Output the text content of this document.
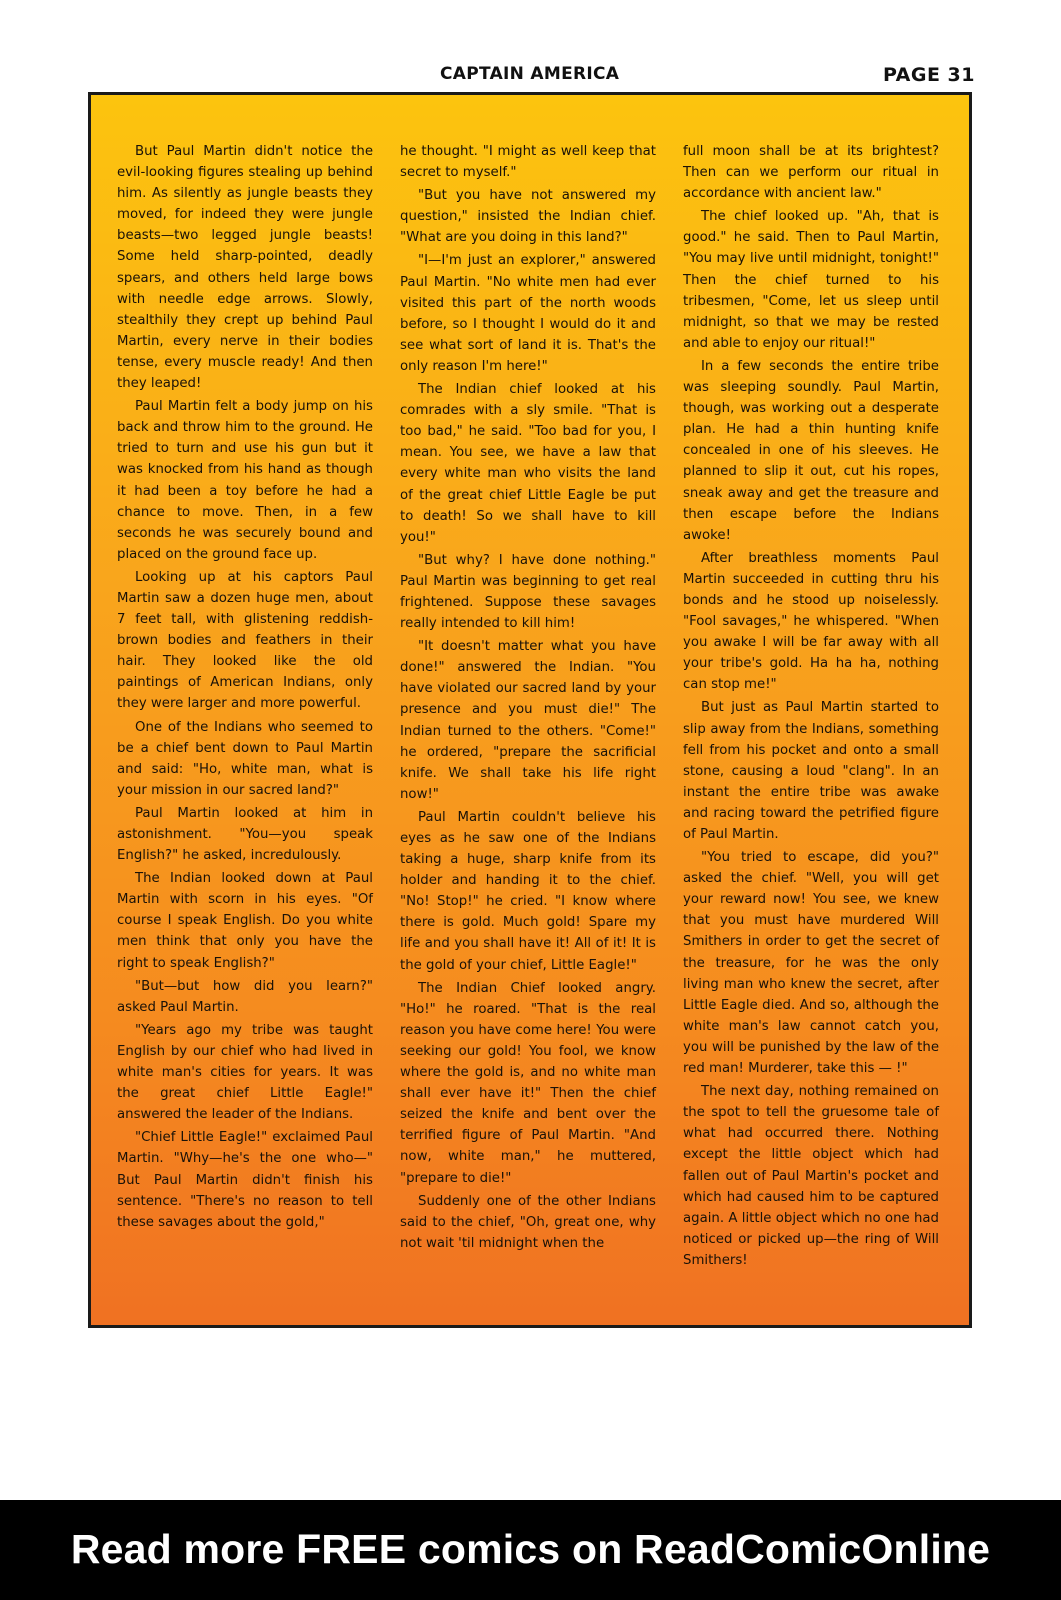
CAPTAIN AMERICA	PAGE 31

But Paul Martin didn't notice the evil-looking figures stealing up behind him. As silently as jungle beasts they moved, for indeed they were jungle beasts—two legged jungle beasts! Some held sharp-pointed, deadly spears, and others held large bows with needle edge arrows. Slowly, stealthily they crept up behind Paul Martin, every nerve in their bodies tense, every muscle ready! And then they leaped!

Paul Martin felt a body jump on his back and throw him to the ground. He tried to turn and use his gun but it was knocked from his hand as though it had been a toy before he had a chance to move. Then, in a few seconds he was securely bound and placed on the ground face up.

Looking up at his captors Paul Martin saw a dozen huge men, about 7 feet tall, with glistening reddish-brown bodies and feathers in their hair. They looked like the old paintings of American Indians, only they were larger and more powerful.

One of the Indians who seemed to be a chief bent down to Paul Martin and said: "Ho, white man, what is your mission in our sacred land?"

Paul Martin looked at him in astonishment. "You—you speak English?" he asked, incredulously.

The Indian looked down at Paul Martin with scorn in his eyes. "Of course I speak English. Do you white men think that only you have the right to speak English?"

"But—but how did you learn?" asked Paul Martin.

"Years ago my tribe was taught English by our chief who had lived in white man's cities for years. It was the great chief Little Eagle!" answered the leader of the Indians.

"Chief Little Eagle!" exclaimed Paul Martin. "Why—he's the one who—" But Paul Martin didn't finish his sentence. "There's no reason to tell these savages about the gold,"

he thought. "I might as well keep that secret to myself."

"But you have not answered my question," insisted the Indian chief. "What are you doing in this land?"

"I—I'm just an explorer," answered Paul Martin. "No white men had ever visited this part of the north woods before, so I thought I would do it and see what sort of land it is. That's the only reason I'm here!"

The Indian chief looked at his comrades with a sly smile. "That is too bad," he said. "Too bad for you, I mean. You see, we have a law that every white man who visits the land of the great chief Little Eagle be put to death! So we shall have to kill you!"

"But why? I have done nothing." Paul Martin was beginning to get real frightened. Suppose these savages really intended to kill him!

"It doesn't matter what you have done!" answered the Indian. "You have violated our sacred land by your presence and you must die!" The Indian turned to the others. "Come!" he ordered, "prepare the sacrificial knife. We shall take his life right now!"

Paul Martin couldn't believe his eyes as he saw one of the Indians taking a huge, sharp knife from its holder and handing it to the chief. "No! Stop!" he cried. "I know where there is gold. Much gold! Spare my life and you shall have it! All of it! It is the gold of your chief, Little Eagle!"

The Indian Chief looked angry. "Ho!" he roared. "That is the real reason you have come here! You were seeking our gold! You fool, we know where the gold is, and no white man shall ever have it!" Then the chief seized the knife and bent over the terrified figure of Paul Martin. "And now, white man," he muttered, "prepare to die!"

Suddenly one of the other Indians said to the chief, "Oh, great one, why not wait 'til midnight when the

full moon shall be at its brightest? Then can we perform our ritual in accordance with ancient law."

The chief looked up. "Ah, that is good." he said. Then to Paul Martin, "You may live until midnight, tonight!" Then the chief turned to his tribesmen, "Come, let us sleep until midnight, so that we may be rested and able to enjoy our ritual!"

In a few seconds the entire tribe was sleeping soundly. Paul Martin, though, was working out a desperate plan. He had a thin hunting knife concealed in one of his sleeves. He planned to slip it out, cut his ropes, sneak away and get the treasure and then escape before the Indians awoke!

After breathless moments Paul Martin succeeded in cutting thru his bonds and he stood up noiselessly. "Fool savages," he whispered. "When you awake I will be far away with all your tribe's gold. Ha ha ha, nothing can stop me!"

But just as Paul Martin started to slip away from the Indians, something fell from his pocket and onto a small stone, causing a loud "clang". In an instant the entire tribe was awake and racing toward the petrified figure of Paul Martin.

"You tried to escape, did you?" asked the chief. "Well, you will get your reward now! You see, we knew that you must have murdered Will Smithers in order to get the secret of the treasure, for he was the only living man who knew the secret, after Little Eagle died. And so, although the white man's law cannot catch you, you will be punished by the law of the red man! Murderer, take this — !"

The next day, nothing remained on the spot to tell the gruesome tale of what had occurred there. Nothing except the little object which had fallen out of Paul Martin's pocket and which had caused him to be captured again. A little object which no one had noticed or picked up—the ring of Will Smithers!

Read more FREE comics on ReadComicOnline
